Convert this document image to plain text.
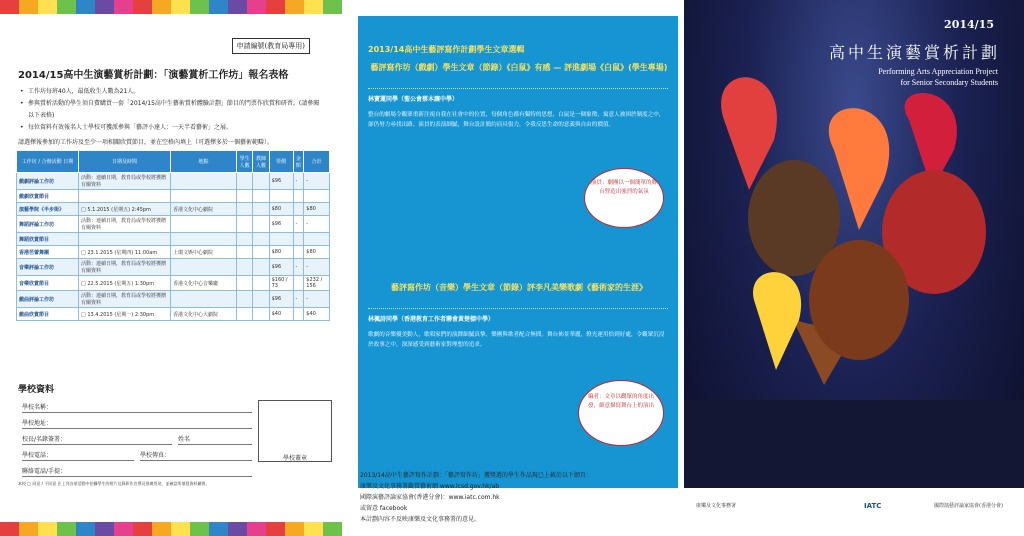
申請編號(教育局專用)
2014/15高中生演藝賞析計劃：「演藝賞析工作坊」報名表格
• 工作坊每班40人，最低收生人數為21人。
• 參與賞析活動的學生須自費購買一套「2014/15高中生藝術賞析體驗計劃」節目的門票作欣賞和研習。(請參閱以下表格)
• 每位資料有效報名人士學校可獲派參與「藝評小達人：一天半看藝術」之展。
請選擇報參加的工作坊及至少一項相關欣賞節目，並在空格內填上（可選擇多於一個藝術範疇）。
工作坊 / 合辦活動 日期	日期及時間	地點	學生人數	教師人數	票價	金額	合計
戲劇評論工作坊	活動：連續日期，教育局或學校將獲贈有關資料				$96	-	-
戲劇欣賞節目							
演藝學院《半步街》	□ 5.1.2015 (星期五) 2:45pm	香港文化中心劇院			$80		$80
舞蹈評論工作坊	活動：連續日期，教育局或學校將獲贈有關資料				$96	-	-
舞蹈欣賞節目							
香港芭蕾舞團	□ 23.1.2015 (星期四) 11:00am	上環文娛中心劇院			$80		$80
音樂評論工作坊	活動：連續日期，教育局或學校將獲贈有關資料				$96	-	-
音樂欣賞節目	□ 22.5.2015 (星期五) 1:30pm	香港文化中心音樂廳			$160 / 73		$232 / 156
戲曲評論工作坊	活動：連續日期，教育局或學校將獲贈有關資料				$96	-	-
戲曲欣賞節目	□ 13.4.2015 (星期一) 2:30pm	香港文化中心大劇院			$40		$40
學校資料
學校名稱：
學校地址：
校長/名錄簽署：	姓名
學校電話：	學校傳真：
聯絡電話/手提：
學校蓋章
本校 □ 同意 / 不同意 在上列各項活動中拍攝學生的照片及錄影作宣傳及推廣用途，並確認所填寫資料屬實。
2013/14高中生藝評寫作計劃學生文章選輯
藝評寫作坊（戲劇）學生文章（節錄）《白鼠》有感 — 評進劇場《白鼠》(學生專場)
林寶蓮同學（聖公會蔡本讓中學）
整台的劇場令觀眾重新注視自我在社會中的位置，每個角色都有獨特的思想，白鼠是一個象徵，寓意人被困於制度之中，卻仍努力尋找出路。演員的表演細膩，舞台設計簡約而具張力，令我反思生命的意義與自由的價值。
演員：劇團以一個簡單的舞台營造出強烈的氣氛
藝評寫作坊（音樂）學生文章（節錄）評李凡美樂歌劇《藝術家的生涯》
林楓詩同學（香港教育工作者聯會黃楚標中學）
歌劇的音樂優美動人，歌唱家們的演繹細膩真摯，樂團與歌者配合無間。舞台佈景華麗，燈光運用恰到好處，令觀眾沉浸於故事之中，深深感受到藝術家對理想的追求。
編者：文章以觀眾的角度出發，細意描寫舞台上的演出
2013/14高中生藝評寫作計劃：「藝評寫作坊」獲獎選的學生作品現已上載於以下網頁：
康樂及文化事務署觀賞藝術網 www.lcsd.gov.hk/ab
國際演藝評論家協會(香港分會)：www.iatc.com.hk
或留意 facebook
本計劃內容不反映康樂及文化事務署的意見。
2014/15
高中生演藝賞析計劃
Performing Arts Appreciation Project
for Senior Secondary Students
康樂及文化事務署	IATC	國際演藝評論家協會(香港分會)
